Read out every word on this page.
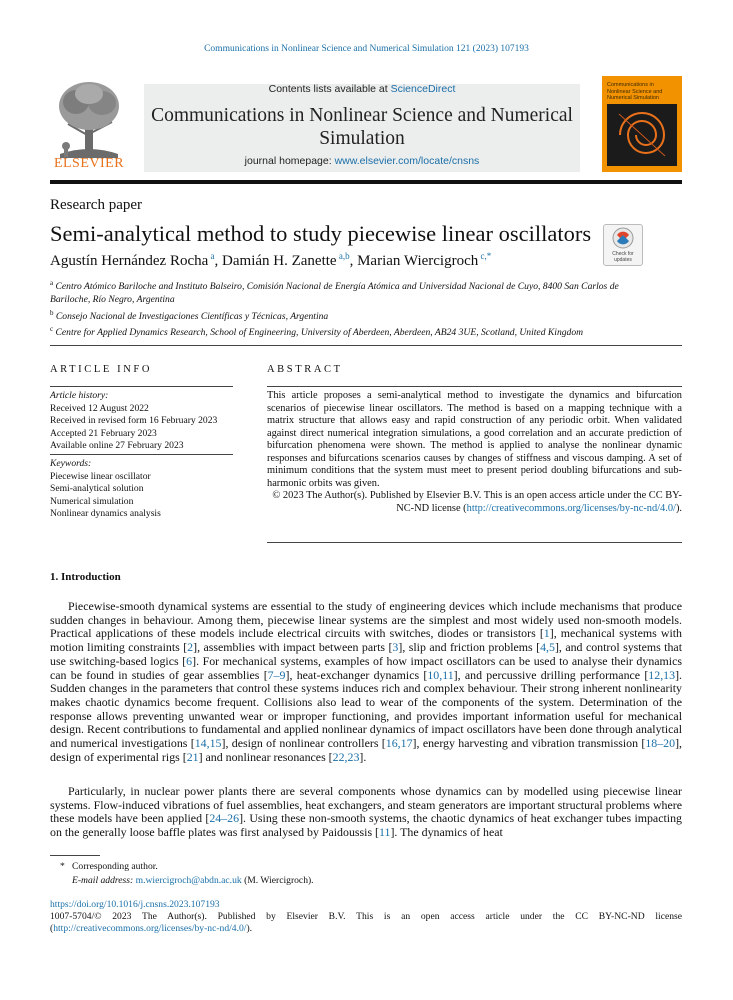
Communications in Nonlinear Science and Numerical Simulation 121 (2023) 107193
ELSEVIER
Contents lists available at ScienceDirect
Communications in Nonlinear Science and Numerical Simulation
journal homepage: www.elsevier.com/locate/cnsns
Communications in Nonlinear Science and Numerical Simulation
Research paper
Semi-analytical method to study piecewise linear oscillators
Check for updates
Agustín Hernández Rocha $^a$, Damián H. Zanette $^{a,b}$, Marian Wiercigroch $^{c,*}$
$^a$ Centro Atómico Bariloche and Instituto Balseiro, Comisión Nacional de Energía Atómica and Universidad Nacional de Cuyo, 8400 San Carlos de Bariloche, Río Negro, Argentina
$^b$ Consejo Nacional de Investigaciones Científicas y Técnicas, Argentina
$^c$ Centre for Applied Dynamics Research, School of Engineering, University of Aberdeen, Aberdeen, AB24 3UE, Scotland, United Kingdom
ARTICLE INFO	ABSTRACT
Article history:
Received 12 August 2022
Received in revised form 16 February 2023
Accepted 21 February 2023
Available online 27 February 2023
Keywords:
Piecewise linear oscillator
Semi-analytical solution
Numerical simulation
Nonlinear dynamics analysis
This article proposes a semi-analytical method to investigate the dynamics and bifurcation scenarios of piecewise linear oscillators. The method is based on a mapping technique with a matrix structure that allows easy and rapid construction of any periodic orbit. When validated against direct numerical integration simulations, a good correlation and an accurate prediction of bifurcation phenomena were shown. The method is applied to analyse the nonlinear dynamic responses and bifurcations scenarios causes by changes of stiffness and viscous damping. A set of minimum conditions that the system must meet to present period doubling bifurcations and sub-harmonic orbits was given.
© 2023 The Author(s). Published by Elsevier B.V. This is an open access article under the CC BY-NC-ND license (http://creativecommons.org/licenses/by-nc-nd/4.0/).
1. Introduction
Piecewise-smooth dynamical systems are essential to the study of engineering devices which include mechanisms that produce sudden changes in behaviour. Among them, piecewise linear systems are the simplest and most widely used non-smooth models. Practical applications of these models include electrical circuits with switches, diodes or transistors [1], mechanical systems with motion limiting constraints [2], assemblies with impact between parts [3], slip and friction problems [4,5], and control systems that use switching-based logics [6]. For mechanical systems, examples of how impact oscillators can be used to analyse their dynamics can be found in studies of gear assemblies [7–9], heat-exchanger dynamics [10,11], and percussive drilling performance [12,13]. Sudden changes in the parameters that control these systems induces rich and complex behaviour. Their strong inherent nonlinearity makes chaotic dynamics become frequent. Collisions also lead to wear of the components of the system. Determination of the response allows preventing unwanted wear or improper functioning, and provides important information useful for mechanical design. Recent contributions to fundamental and applied nonlinear dynamics of impact oscillators have been done through analytical and numerical investigations [14,15], design of nonlinear controllers [16,17], energy harvesting and vibration transmission [18–20], design of experimental rigs [21] and nonlinear resonances [22,23].
Particularly, in nuclear power plants there are several components whose dynamics can by modelled using piecewise linear systems. Flow-induced vibrations of fuel assemblies, heat exchangers, and steam generators are important structural problems where these models have been applied [24–26]. Using these non-smooth systems, the chaotic dynamics of heat exchanger tubes impacting on the generally loose baffle plates was first analysed by Paidoussis [11]. The dynamics of heat
* Corresponding author.
E-mail address: m.wiercigroch@abdn.ac.uk (M. Wiercigroch).
https://doi.org/10.1016/j.cnsns.2023.107193
1007-5704/© 2023 The Author(s). Published by Elsevier B.V. This is an open access article under the CC BY-NC-ND license (http://creativecommons.org/licenses/by-nc-nd/4.0/).
